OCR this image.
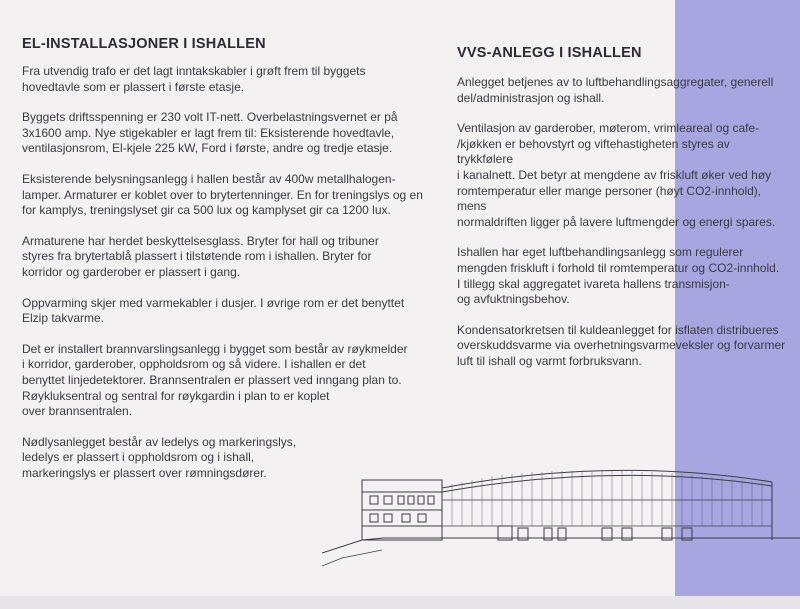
EL-INSTALLASJONER I ISHALLEN

Fra utvendig trafo er det lagt inntakskabler i grøft frem til byggets
hovedtavle som er plassert i første etasje.

Byggets driftsspenning er 230 volt IT-nett. Overbelastningsvernet er på
3x1600 amp. Nye stigekabler er lagt frem til: Eksisterende hovedtavle,
ventilasjonsrom, El-kjele 225 kW, Ford i første, andre og tredje etasje.

Eksisterende belysningsanlegg i hallen består av 400w metallhalogen-
lamper. Armaturer er koblet over to brytertenninger. En for treningslys og en
for kamplys, treningslyset gir ca 500 lux og kamplyset gir ca 1200 lux.

Armaturene har herdet beskyttelsesglass. Bryter for hall og tribuner
styres fra brytertablå plassert i tilstøtende rom i ishallen. Bryter for
korridor og garderober er plassert i gang.

Oppvarming skjer med varmekabler i dusjer. I øvrige rom er det benyttet
Elzip takvarme.

Det er installert brannvarslingsanlegg i bygget som består av røykmelder
i korridor, garderober, oppholdsrom og så videre. I ishallen er det
benyttet linjedetektorer. Brannsentralen er plassert ved inngang plan to.
Røykluksentral og sentral for røykgardin i plan to er koplet
over brannsentralen.

Nødlysanlegget består av ledelys og markeringslys,
ledelys er plassert i oppholdsrom og i ishall,
markeringslys er plassert over rømningsdører.

VVS-ANLEGG I ISHALLEN

Anlegget betjenes av to luftbehandlingsaggregater, generell
del/administrasjon og ishall.

Ventilasjon av garderober, møterom, vrimleareal og cafe-
/kjøkken er behovstyrt og viftehastigheten styres av trykkfølere
i kanalnett. Det betyr at mengdene av friskluft øker ved høy
romtemperatur eller mange personer (høyt CO2-innhold), mens
normaldriften ligger på lavere luftmengder og energi spares.

Ishallen har eget luftbehandlingsanlegg som regulerer
mengden friskluft i forhold til romtemperatur og CO2-innhold.
I tillegg skal aggregatet ivareta hallens transmisjon-
og avfuktningsbehov.

Kondensatorkretsen til kuldeanlegget for isflaten distribueres
overskuddsvarme via overhetningsvarmeveksler og forvarmer
luft til ishall og varmt forbruksvann.
